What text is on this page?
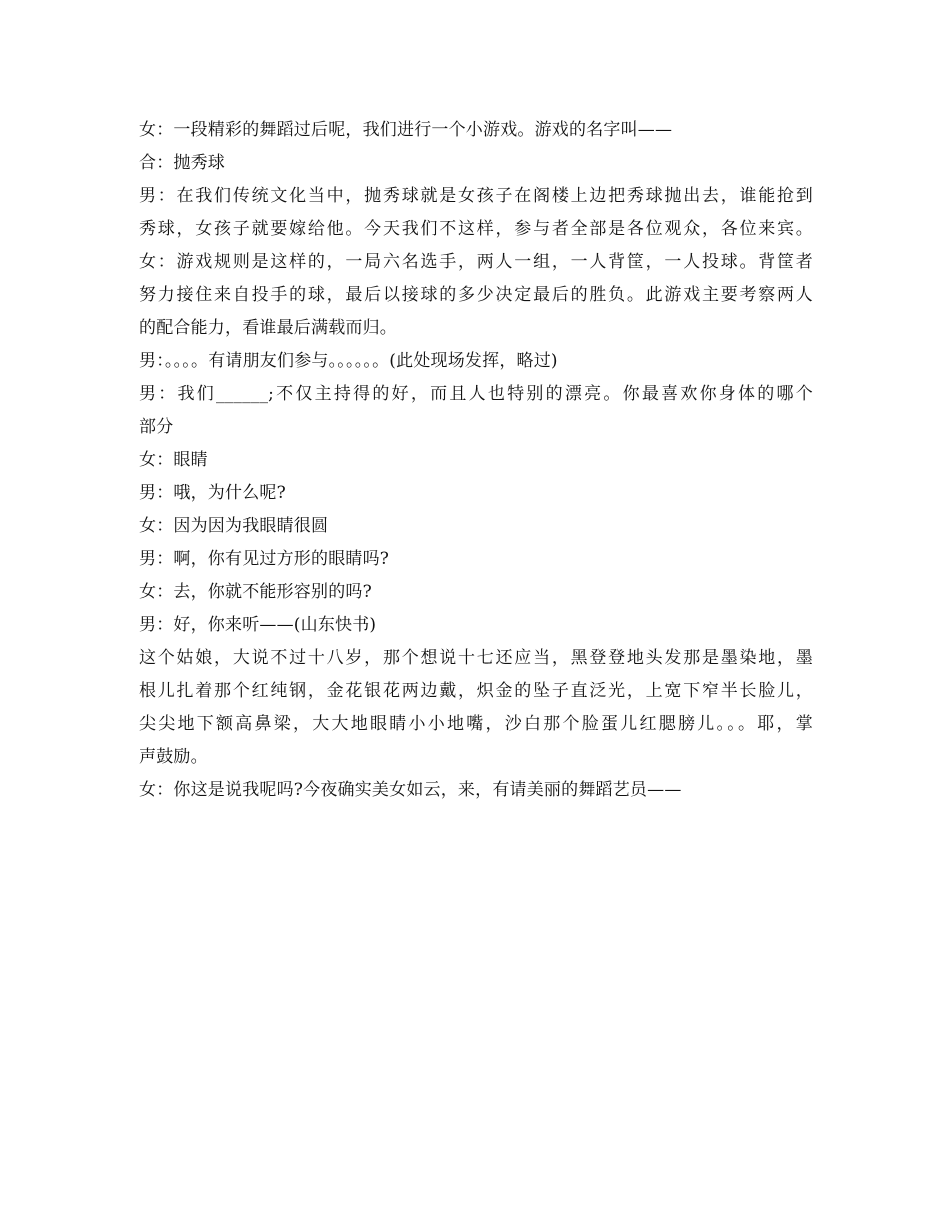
女：一段精彩的舞蹈过后呢，我们进行一个小游戏。游戏的名字叫——
合：抛秀球
男：在我们传统文化当中，抛秀球就是女孩子在阁楼上边把秀球抛出去，谁能抢到
秀球，女孩子就要嫁给他。今天我们不这样，参与者全部是各位观众，各位来宾。
女：游戏规则是这样的，一局六名选手，两人一组，一人背筐，一人投球。背筐者
努力接住来自投手的球，最后以接球的多少决定最后的胜负。此游戏主要考察两人
的配合能力，看谁最后满载而归。
男：。。。。有请朋友们参与。。。。。。(此处现场发挥，略过)
男：我们______;不仅主持得的好，而且人也特别的漂亮。你最喜欢你身体的哪个
部分
女：眼睛
男：哦，为什么呢?
女：因为因为我眼睛很圆
男：啊，你有见过方形的眼睛吗?
女：去，你就不能形容别的吗?
男：好，你来听——(山东快书)
这个姑娘，大说不过十八岁，那个想说十七还应当，黑登登地头发那是墨染地，墨
根儿扎着那个红纯钢，金花银花两边戴，炽金的坠子直泛光，上宽下窄半长脸儿，
尖尖地下额高鼻梁，大大地眼睛小小地嘴，沙白那个脸蛋儿红腮膀儿。。。耶，掌
声鼓励。
女：你这是说我呢吗?今夜确实美女如云，来，有请美丽的舞蹈艺员——
